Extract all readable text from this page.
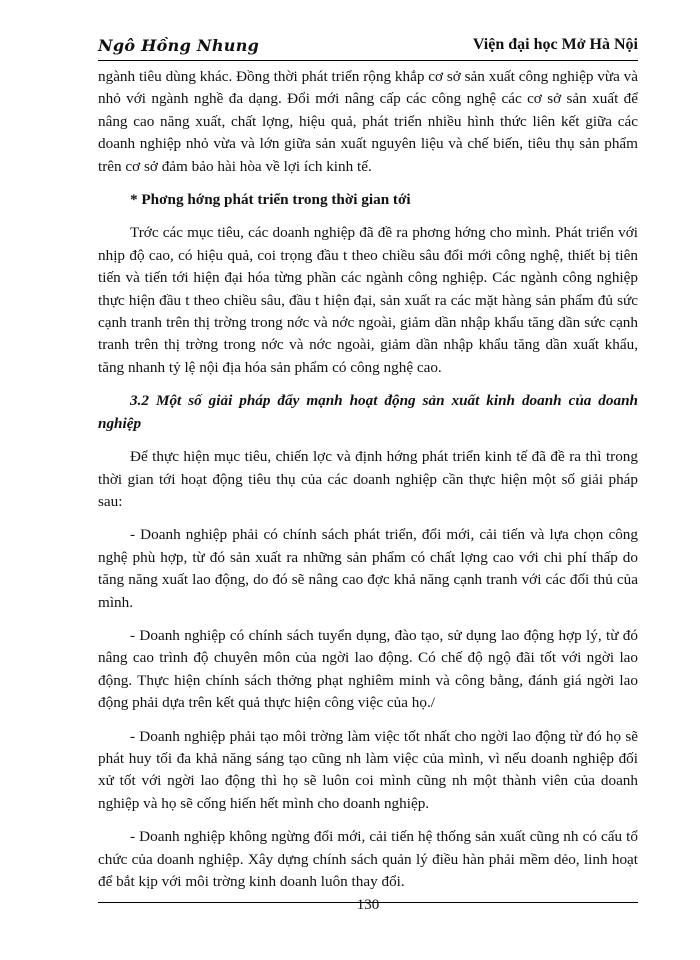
Ngô Hồng Nhung	Viện đại học Mở Hà Nội

ngành tiêu dùng khác. Đồng thời phát triển rộng khắp cơ sở sản xuất công nghiệp vừa và nhỏ với ngành nghề đa dạng. Đổi mới nâng cấp các công nghệ các cơ sở sản xuất để nâng cao năng xuất, chất lợng, hiệu quả, phát triển nhiều hình thức liên kết giữa các doanh nghiệp nhỏ vừa và lớn giữa sản xuất nguyên liệu và chế biến, tiêu thụ sản phẩm trên cơ sở đảm bảo hài hòa về lợi ích kinh tế.

* Phơng hớng phát triển trong thời gian tới

Trớc các mục tiêu, các doanh nghiệp đã đề ra phơng hớng cho mình. Phát triển với nhịp độ cao, có hiệu quả, coi trọng đầu t theo chiều sâu đổi mới công nghệ, thiết bị tiên tiến và tiến tới hiện đại hóa từng phần các ngành công nghiệp. Các ngành công nghiệp thực hiện đầu t theo chiều sâu, đầu t hiện đại, sản xuất ra các mặt hàng sản phẩm đủ sức cạnh tranh trên thị trờng trong nớc và nớc ngoài, giảm dần nhập khẩu tăng dần sức cạnh tranh trên thị trờng trong nớc và nớc ngoài, giảm dần nhập khẩu tăng dần xuất khẩu, tăng nhanh tỷ lệ nội địa hóa sản phẩm có công nghệ cao.

3.2 Một số giải pháp đẩy mạnh hoạt động sản xuất kinh doanh của doanh nghiệp

Để thực hiện mục tiêu, chiến lợc và định hớng phát triển kinh tế đã đề ra thì trong thời gian tới hoạt động tiêu thụ của các doanh nghiệp cần thực hiện một số giải pháp sau:

- Doanh nghiệp phải có chính sách phát triển, đổi mới, cải tiến và lựa chọn công nghệ phù hợp, từ đó sản xuất ra những sản phẩm có chất lợng cao với chi phí thấp do tăng năng xuất lao động, do đó sẽ nâng cao đợc khả năng cạnh tranh với các đối thủ của mình.

- Doanh nghiệp có chính sách tuyển dụng, đào tạo, sử dụng lao động hợp lý, từ đó nâng cao trình độ chuyên môn của ngời lao động. Có chế độ ngộ đãi tốt với ngời lao động. Thực hiện chính sách thởng phạt nghiêm minh và công bằng, đánh giá ngời lao động phải dựa trên kết quả thực hiện công việc của họ./

- Doanh nghiệp phải tạo môi trờng làm việc tốt nhất cho ngời lao động từ đó họ sẽ phát huy tối đa khả năng sáng tạo cũng nh làm việc của mình, vì nếu doanh nghiệp đối xử tốt với ngời lao động thì họ sẽ luôn coi mình cũng nh một thành viên của doanh nghiệp và họ sẽ cống hiến hết mình cho doanh nghiệp.

- Doanh nghiệp không ngừng đổi mới, cải tiến hệ thống sản xuất cũng nh có cấu tổ chức của doanh nghiệp. Xây dựng chính sách quản lý điều hàn phải mềm dẻo, linh hoạt để bắt kịp với môi trờng kinh doanh luôn thay đổi.

130
